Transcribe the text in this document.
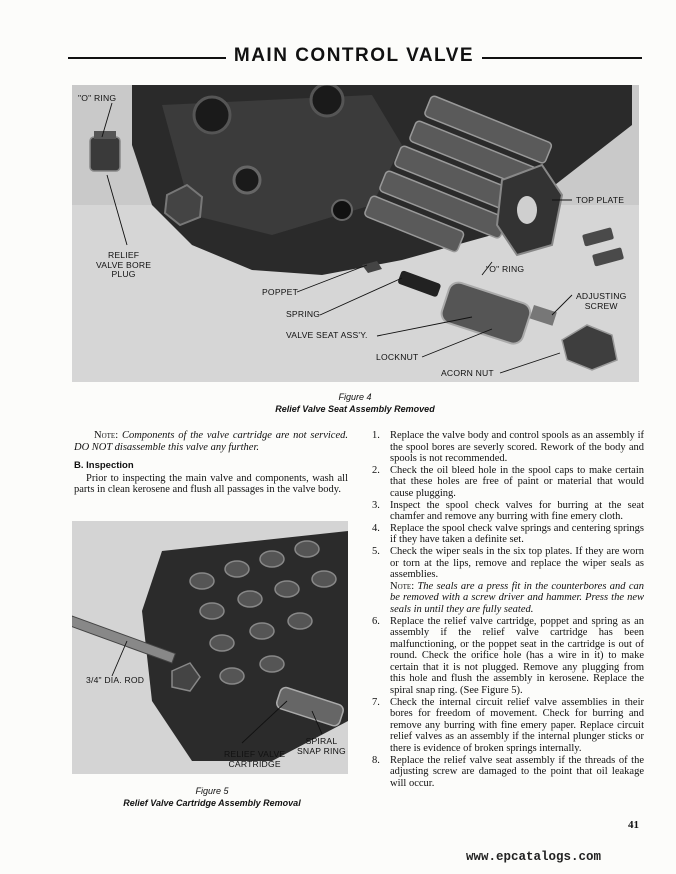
MAIN CONTROL VALVE
"O" RING
RELIEF
VALVE BORE
PLUG
TOP PLATE
"O" RING
POPPET	ADJUSTING
SCREW
SPRING
VALVE SEAT ASS'Y.
LOCKNUT
ACORN NUT
Figure 4
Relief Valve Seat Assembly Removed
Note: Components of the valve cartridge are not serviced. DO NOT disassemble this valve any further.
B. Inspection
Prior to inspecting the main valve and components, wash all parts in clean kerosene and flush all passages in the valve body.
3/4" DIA. ROD
RELIEF VALVE
CARTRIDGE
SPIRAL
SNAP RING
Figure 5
Relief Valve Cartridge Assembly Removal
1. Replace the valve body and control spools as an assembly if the spool bores are severly scored. Rework of the body and spools is not recommended.
2. Check the oil bleed hole in the spool caps to make certain that these holes are free of paint or material that would cause plugging.
3. Inspect the spool check valves for burring at the seat chamfer and remove any burring with fine emery cloth.
4. Replace the spool check valve springs and centering springs if they have taken a definite set.
5. Check the wiper seals in the six top plates. If they are worn or torn at the lips, remove and replace the wiper seals as assemblies.
Note: The seals are a press fit in the counterbores and can be removed with a screw driver and hammer. Press the new seals in until they are fully seated.
6. Replace the relief valve cartridge, poppet and spring as an assembly if the relief valve cartridge has been malfunctioning, or the poppet seat in the cartridge is out of round. Check the orifice hole (has a wire in it) to make certain that it is not plugged. Remove any plugging from this hole and flush the assembly in kerosene. Replace the spiral snap ring. (See Figure 5).
7. Check the internal circuit relief valve assemblies in their bores for freedom of movement. Check for burring and remove any burring with fine emery paper. Replace circuit relief valves as an assembly if the internal plunger sticks or there is evidence of broken springs internally.
8. Replace the relief valve seat assembly if the threads of the adjusting screw are damaged to the point that oil leakage will occur.
41
www.epcatalogs.com
